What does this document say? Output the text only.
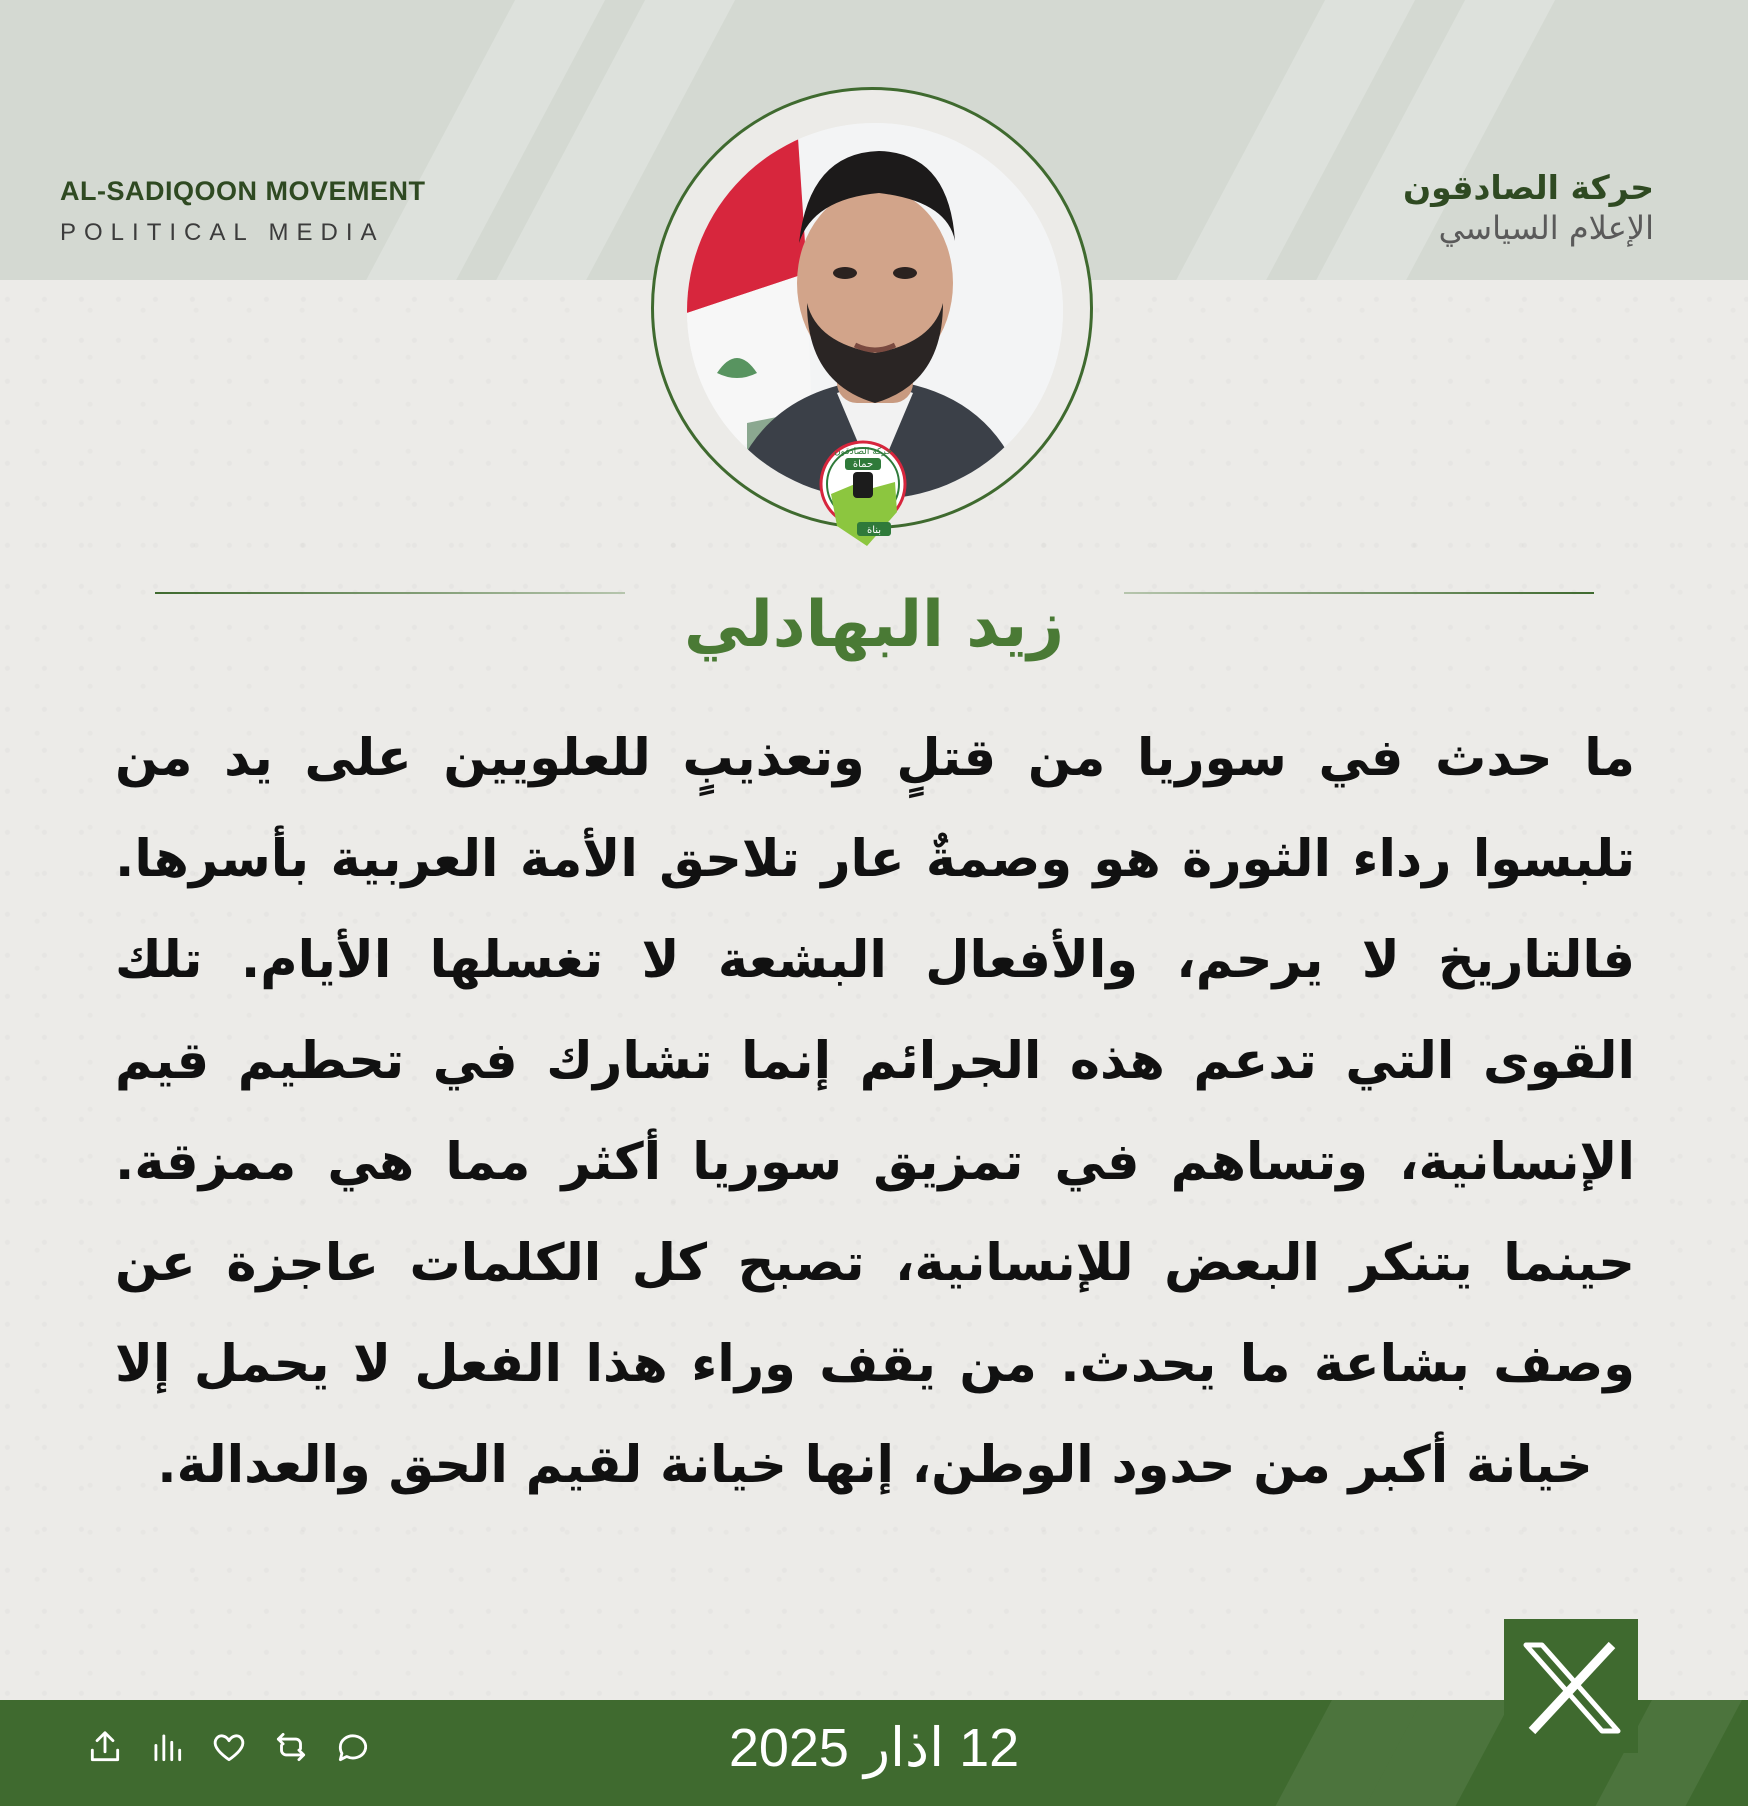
AL-SADIQOON MOVEMENT
POLITICAL MEDIA
حركة الصادقون
الإعلام السياسي
حركة الصادقون
حماة
بناة
زيد البهادلي
ما حدث في سوريا من قتلٍ وتعذيبٍ للعلويين على يد من تلبسوا رداء الثورة هو وصمةٌ عار تلاحق الأمة العربية بأسرها. فالتاريخ لا يرحم، والأفعال البشعة لا تغسلها الأيام. تلك القوى التي تدعم هذه الجرائم إنما تشارك في تحطيم قيم الإنسانية، وتساهم في تمزيق سوريا أكثر مما هي ممزقة. حينما يتنكر البعض للإنسانية، تصبح كل الكلمات عاجزة عن وصف بشاعة ما يحدث. من يقف وراء هذا الفعل لا يحمل إلا خيانة أكبر من حدود الوطن، إنها خيانة لقيم الحق والعدالة.
12 اذار 2025
